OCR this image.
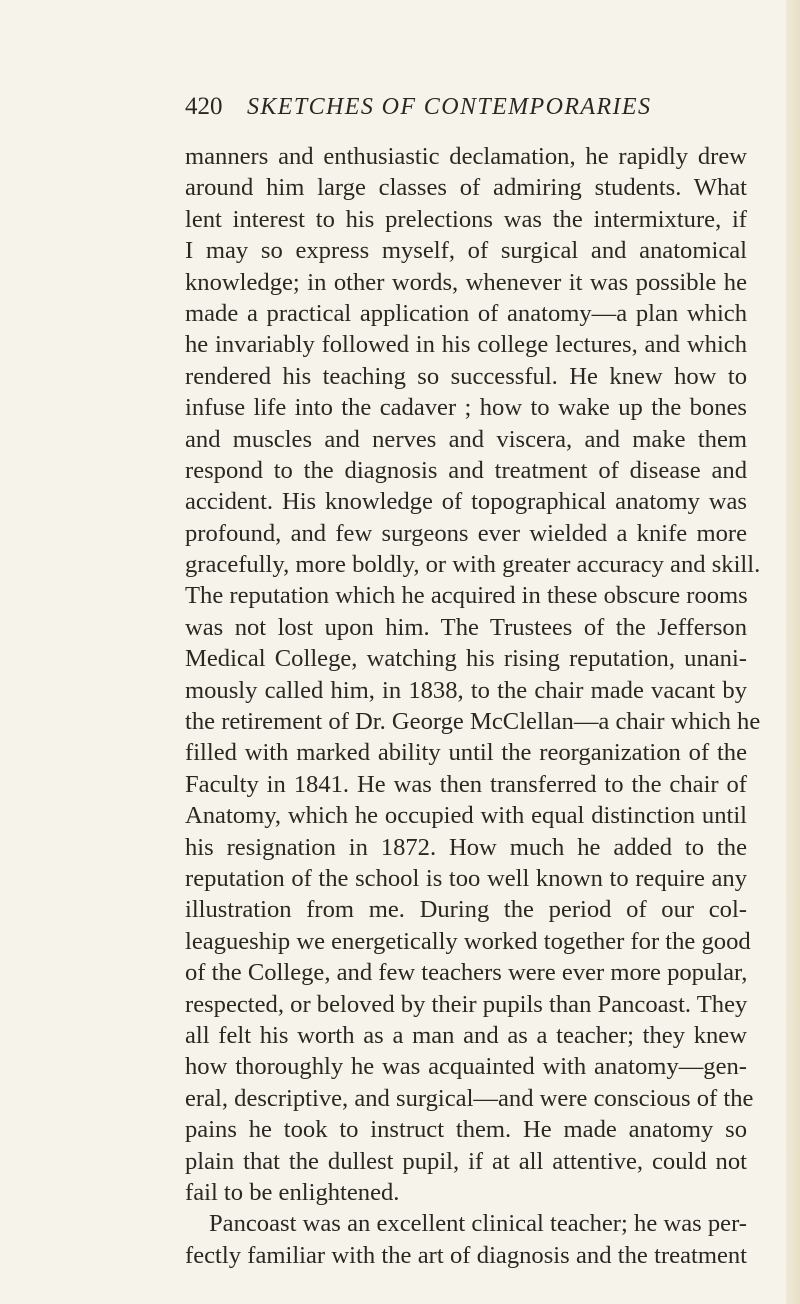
420 SKETCHES OF CONTEMPORARIES
manners and enthusiastic declamation, he rapidly drew
around him large classes of admiring students. What
lent interest to his prelections was the intermixture, if
I may so express myself, of surgical and anatomical
knowledge; in other words, whenever it was possible he
made a practical application of anatomy—a plan which
he invariably followed in his college lectures, and which
rendered his teaching so successful. He knew how to
infuse life into the cadaver ; how to wake up the bones
and muscles and nerves and viscera, and make them
respond to the diagnosis and treatment of disease and
accident. His knowledge of topographical anatomy was
profound, and few surgeons ever wielded a knife more
gracefully, more boldly, or with greater accuracy and skill.
The reputation which he acquired in these obscure rooms
was not lost upon him. The Trustees of the Jefferson
Medical College, watching his rising reputation, unani-
mously called him, in 1838, to the chair made vacant by
the retirement of Dr. George McClellan—a chair which he
filled with marked ability until the reorganization of the
Faculty in 1841. He was then transferred to the chair of
Anatomy, which he occupied with equal distinction until
his resignation in 1872. How much he added to the
reputation of the school is too well known to require any
illustration from me. During the period of our col-
leagueship we energetically worked together for the good
of the College, and few teachers were ever more popular,
respected, or beloved by their pupils than Pancoast. They
all felt his worth as a man and as a teacher; they knew
how thoroughly he was acquainted with anatomy—gen-
eral, descriptive, and surgical—and were conscious of the
pains he took to instruct them. He made anatomy so
plain that the dullest pupil, if at all attentive, could not
fail to be enlightened.
Pancoast was an excellent clinical teacher; he was per-
fectly familiar with the art of diagnosis and the treatment
